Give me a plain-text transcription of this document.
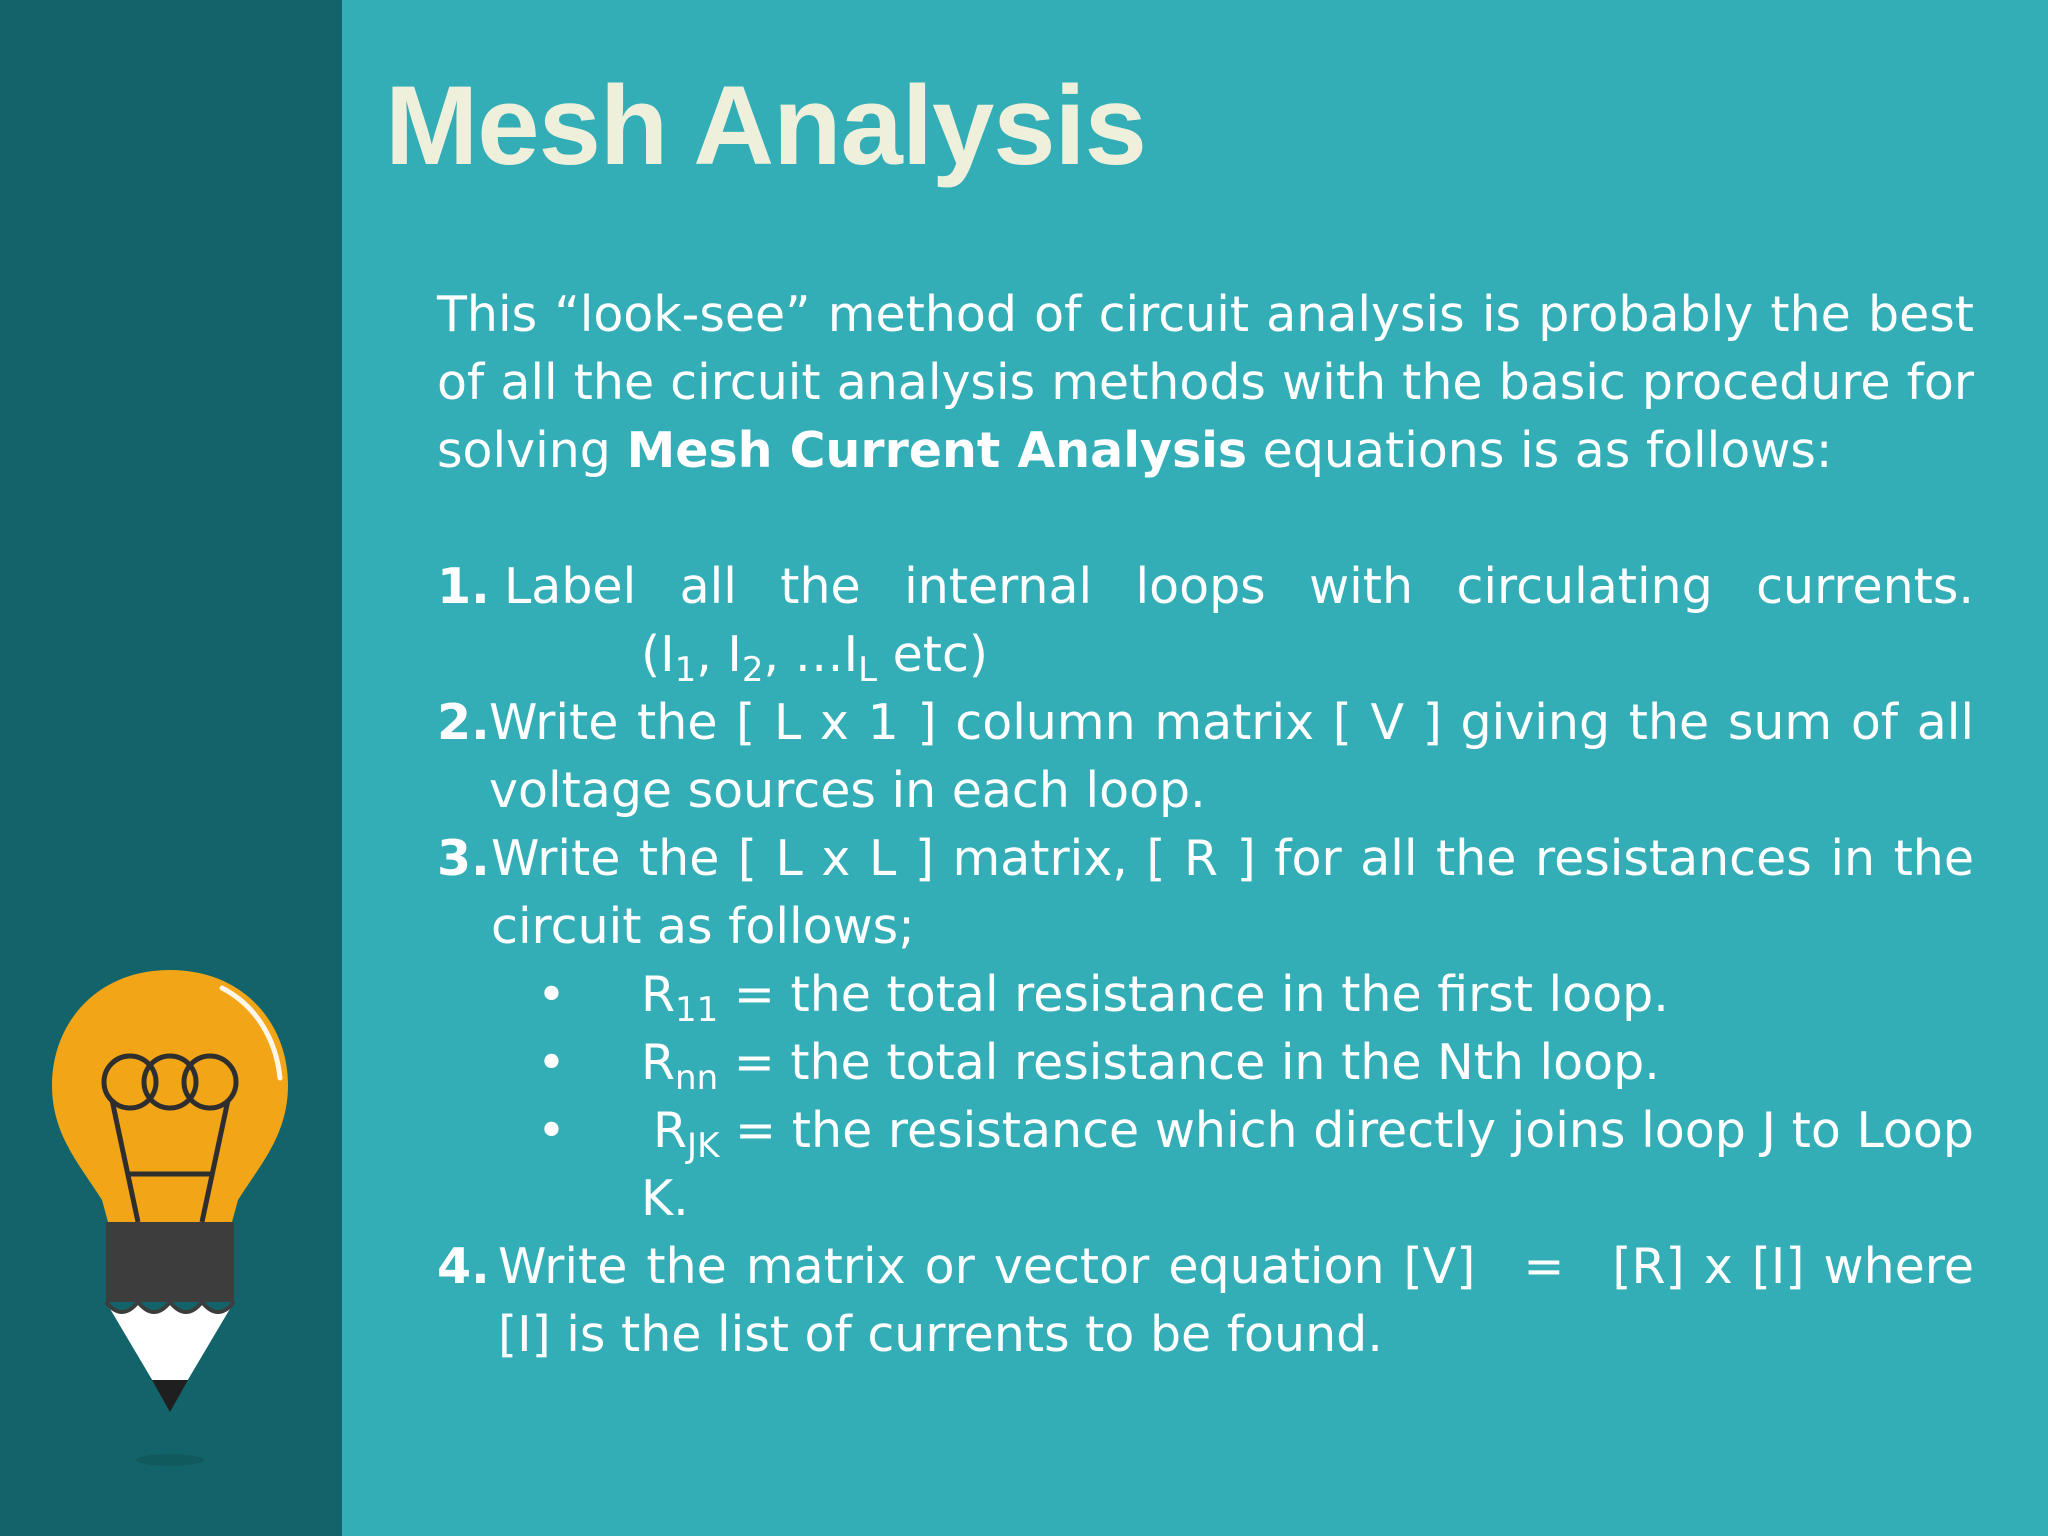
Mesh Analysis

This “look-see” method of circuit analysis is probably the best of all the circuit analysis methods with the basic procedure for solving Mesh Current Analysis equations is as follows:

1. Label all the internal loops with circulating currents.
($I_1$, $I_2$, $\dots I_L$ etc)
2. Write the [ L x 1 ] column matrix [ V ] giving the sum of all voltage sources in each loop.
3. Write the [ L x L ] matrix, [ R ] for all the resistances in the circuit as follows;
• $R_{11}$ = the total resistance in the first loop.
• $R_{nn}$ = the total resistance in the Nth loop.
• $R_{JK}$ = the resistance which directly joins loop J to Loop K.
4. Write the matrix or vector equation [V] = [R] x [I] where [I] is the list of currents to be found.
